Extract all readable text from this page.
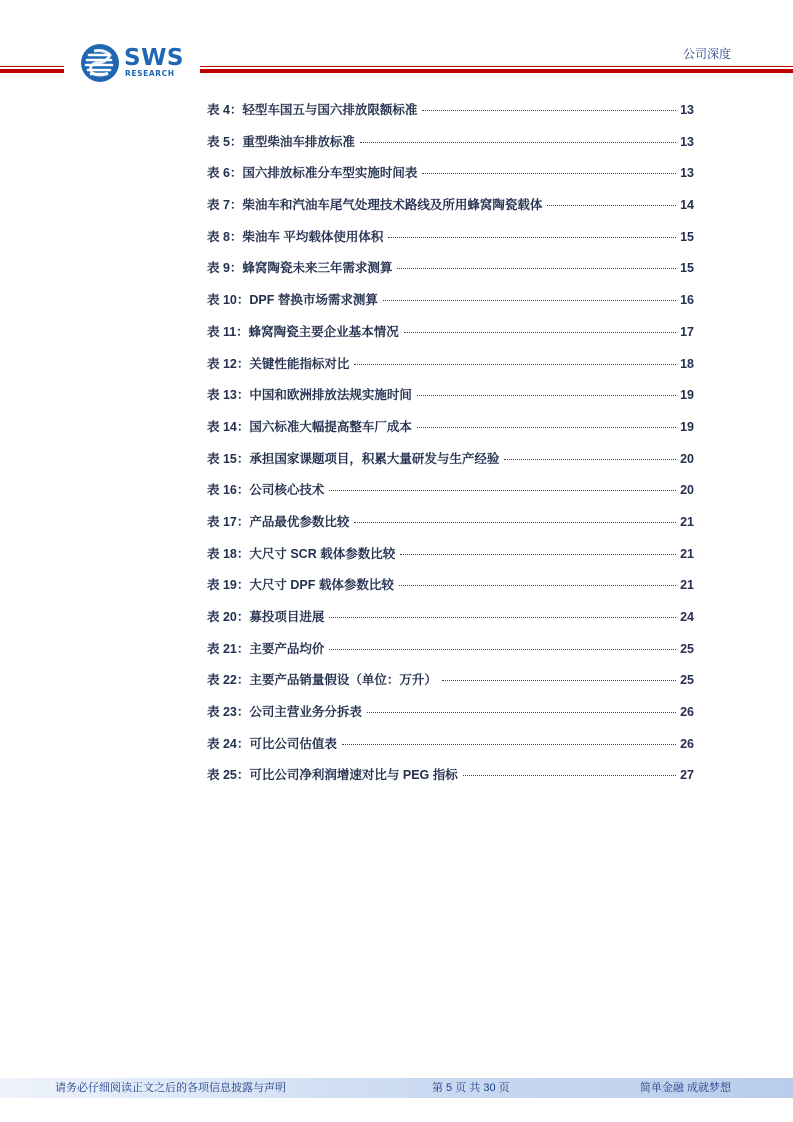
SWS
RESEARCH
公司深度
表 4：轻型车国五与国六排放限额标准	13
表 5：重型柴油车排放标准	13
表 6：国六排放标准分车型实施时间表	13
表 7：柴油车和汽油车尾气处理技术路线及所用蜂窝陶瓷载体	14
表 8：柴油车 平均载体使用体积	15
表 9：蜂窝陶瓷未来三年需求测算	15
表 10：DPF 替换市场需求测算	16
表 11：蜂窝陶瓷主要企业基本情况	17
表 12：关键性能指标对比	18
表 13：中国和欧洲排放法规实施时间	19
表 14：国六标准大幅提高整车厂成本	19
表 15：承担国家课题项目，积累大量研发与生产经验	20
表 16：公司核心技术	20
表 17：产品最优参数比较	21
表 18：大尺寸 SCR 载体参数比较	21
表 19：大尺寸 DPF 载体参数比较	21
表 20：募投项目进展	24
表 21：主要产品均价	25
表 22：主要产品销量假设（单位：万升）	25
表 23：公司主营业务分拆表	26
表 24：可比公司估值表	26
表 25：可比公司净利润增速对比与 PEG 指标	27
请务必仔细阅读正文之后的各项信息披露与声明	第 5 页 共 30 页	简单金融 成就梦想
